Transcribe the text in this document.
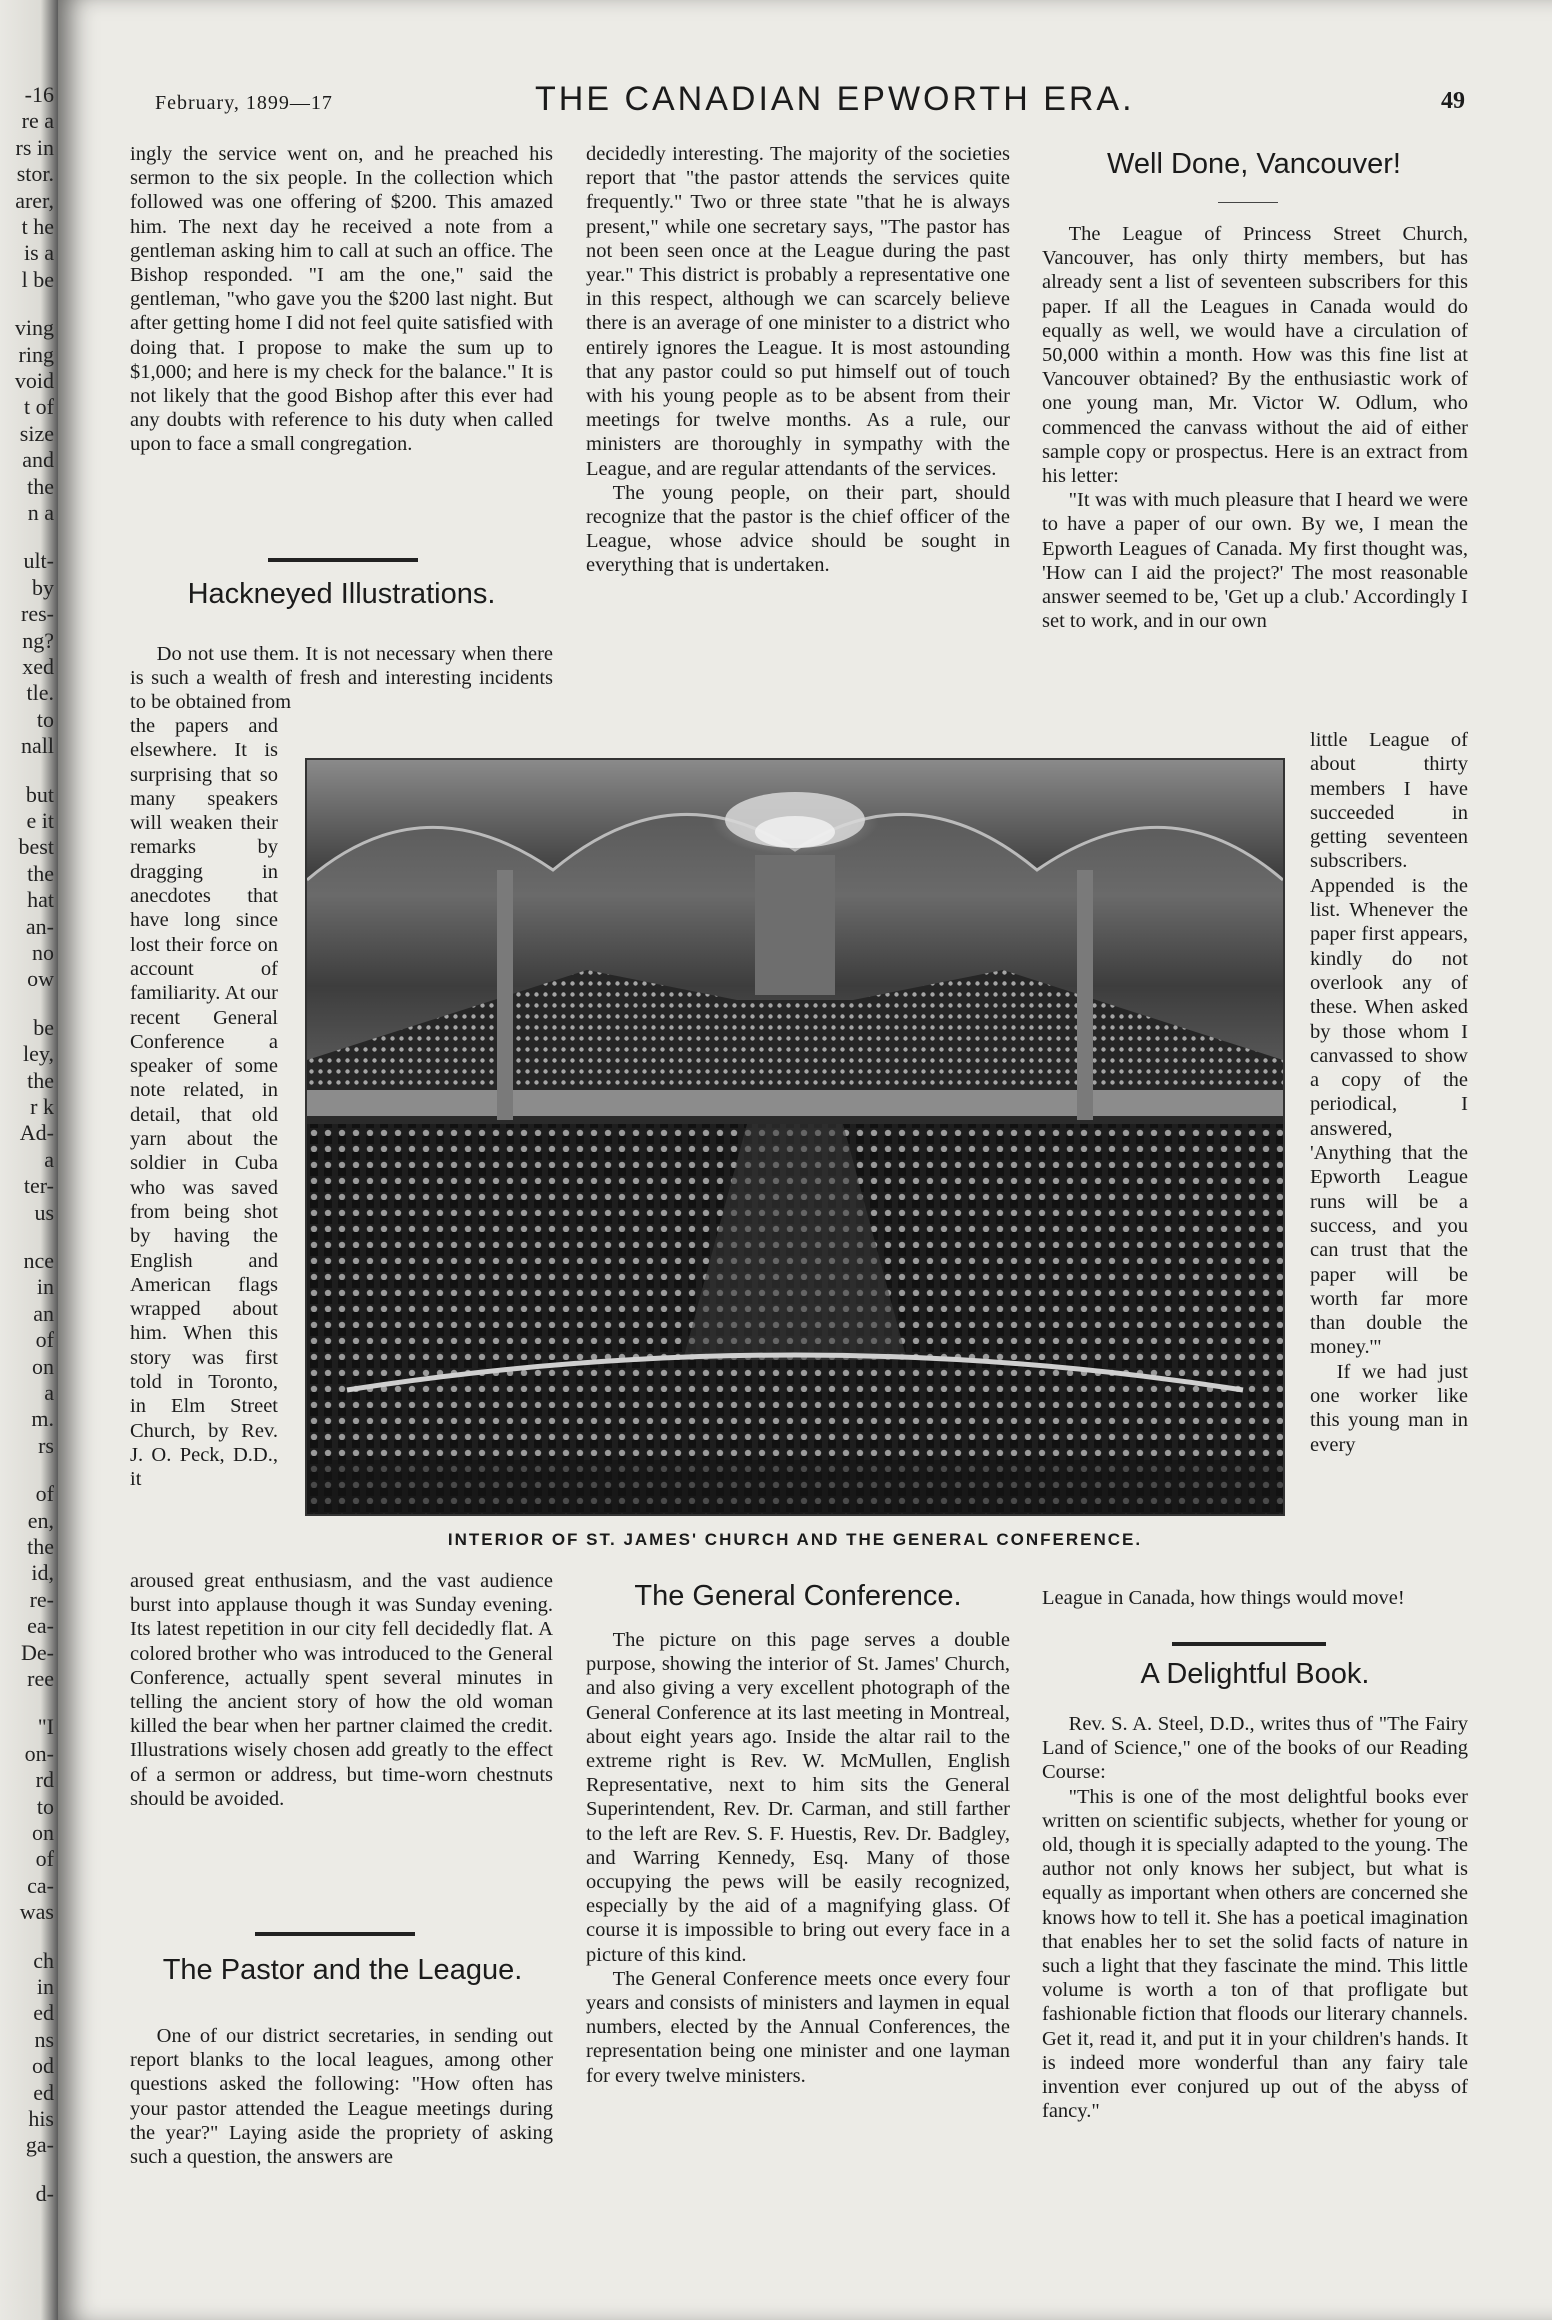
-16
re a
rs in
stor.
arer,
t he
is a
l be
ving
ring
void
t of
size
and
the
n a
ult-
by
res-
ng?
xed
tle.
to
nall
but
e it
best
the
hat
an-
no
ow
be
ley,
the
r k
Ad-
a
ter-
us
nce
in
an
of
on
a
m.
rs
of
en,
the
id,
re-
ea-
De-
ree
"I
on-
rd
to
on
of
ca-
was
ch
in
ed
ns
od
ed
his
ga-
d-
February, 1899—17	THE CANADIAN EPWORTH ERA.	49

ingly the service went on, and he preached his sermon to the six people. In the collection which followed was one offering of $200. This amazed him. The next day he received a note from a gentleman asking him to call at such an office. The Bishop responded. "I am the one," said the gentleman, "who gave you the $200 last night. But after getting home I did not feel quite satisfied with doing that. I propose to make the sum up to $1,000; and here is my check for the balance." It is not likely that the good Bishop after this ever had any doubts with reference to his duty when called upon to face a small congregation.

Hackneyed Illustrations.

Do not use them. It is not necessary when there is such a wealth of fresh and interesting incidents to be obtained from

the papers and elsewhere. It is surprising that so many speakers will weaken their remarks by dragging in anecdotes that have long since lost their force on account of familiarity. At our recent General Conference a speaker of some note related, in detail, that old yarn about the soldier in Cuba who was saved from being shot by having the English and American flags wrapped about him. When this story was first told in Toronto, in Elm Street Church, by Rev. J. O. Peck, D.D., it

aroused great enthusiasm, and the vast audience burst into applause though it was Sunday evening. Its latest repetition in our city fell decidedly flat. A colored brother who was introduced to the General Conference, actually spent several minutes in telling the ancient story of how the old woman killed the bear when her partner claimed the credit. Illustrations wisely chosen add greatly to the effect of a sermon or address, but time-worn chestnuts should be avoided.

The Pastor and the League.

One of our district secretaries, in sending out report blanks to the local leagues, among other questions asked the following: "How often has your pastor attended the League meetings during the year?" Laying aside the propriety of asking such a question, the answers are

decidedly interesting. The majority of the societies report that "the pastor attends the services quite frequently." Two or three state "that he is always present," while one secretary says, "The pastor has not been seen once at the League during the past year." This district is probably a representative one in this respect, although we can scarcely believe there is an average of one minister to a district who entirely ignores the League. It is most astounding that any pastor could so put himself out of touch with his young people as to be absent from their meetings for twelve months. As a rule, our ministers are thoroughly in sympathy with the League, and are regular attendants of the services.

The young people, on their part, should recognize that the pastor is the chief officer of the League, whose advice should be sought in everything that is undertaken.

Well Done, Vancouver!

The League of Princess Street Church, Vancouver, has only thirty members, but has already sent a list of seventeen subscribers for this paper. If all the Leagues in Canada would do equally as well, we would have a circulation of 50,000 within a month. How was this fine list at Vancouver obtained? By the enthusiastic work of one young man, Mr. Victor W. Odlum, who commenced the canvass without the aid of either sample copy or prospectus. Here is an extract from his letter:

"It was with much pleasure that I heard we were to have a paper of our own. By we, I mean the Epworth Leagues of Canada. My first thought was, 'How can I aid the project?' The most reasonable answer seemed to be, 'Get up a club.' Accordingly I set to work, and in our own

little League of about thirty members I have succeeded in getting seventeen subscribers. Appended is the list. Whenever the paper first appears, kindly do not overlook any of these. When asked by those whom I canvassed to show a copy of the periodical, I answered, 'Anything that the Epworth League runs will be a success, and you can trust that the paper will be worth far more than double the money.'"

If we had just one worker like this young man in every

League in Canada, how things would move!

INTERIOR OF ST. JAMES' CHURCH AND THE GENERAL CONFERENCE.
The General Conference.

The picture on this page serves a double purpose, showing the interior of St. James' Church, and also giving a very excellent photograph of the General Conference at its last meeting in Montreal, about eight years ago. Inside the altar rail to the extreme right is Rev. W. McMullen, English Representative, next to him sits the General Superintendent, Rev. Dr. Carman, and still farther to the left are Rev. S. F. Huestis, Rev. Dr. Badgley, and Warring Kennedy, Esq. Many of those occupying the pews will be easily recognized, especially by the aid of a magnifying glass. Of course it is impossible to bring out every face in a picture of this kind.

The General Conference meets once every four years and consists of ministers and laymen in equal numbers, elected by the Annual Conferences, the representation being one minister and one layman for every twelve ministers.

A Delightful Book.

Rev. S. A. Steel, D.D., writes thus of "The Fairy Land of Science," one of the books of our Reading Course:

"This is one of the most delightful books ever written on scientific subjects, whether for young or old, though it is specially adapted to the young. The author not only knows her subject, but what is equally as important when others are concerned she knows how to tell it. She has a poetical imagination that enables her to set the solid facts of nature in such a light that they fascinate the mind. This little volume is worth a ton of that profligate but fashionable fiction that floods our literary channels. Get it, read it, and put it in your children's hands. It is indeed more wonderful than any fairy tale invention ever conjured up out of the abyss of fancy."
